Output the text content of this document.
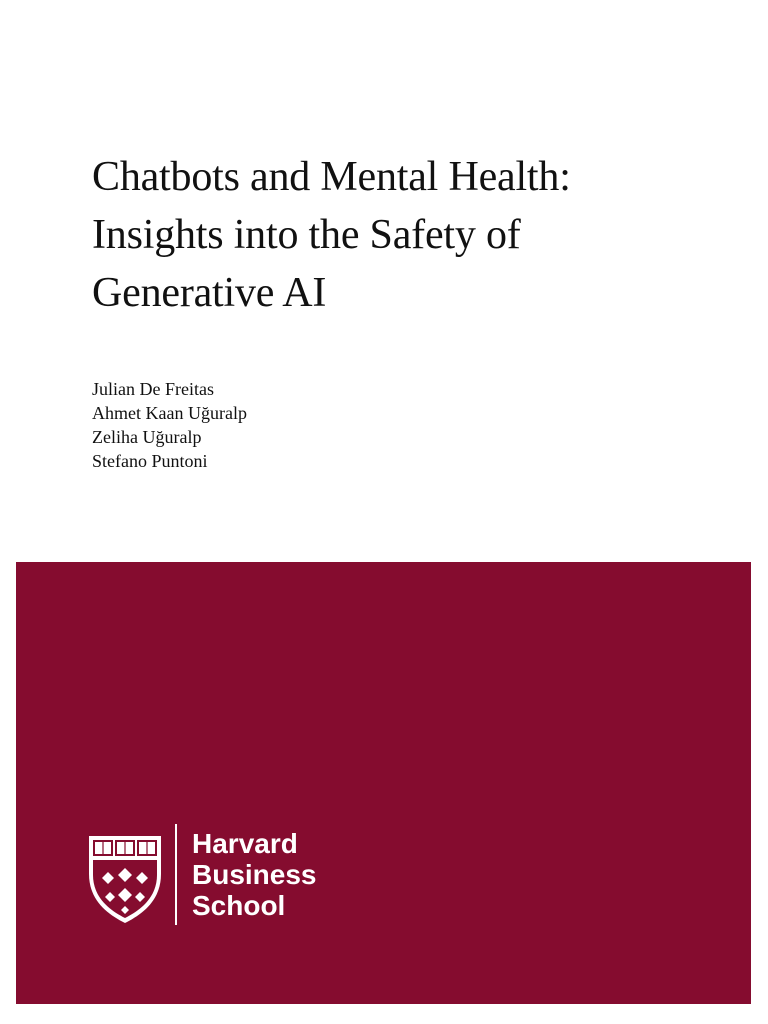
Chatbots and Mental Health:
Insights into the Safety of
Generative AI
Julian De Freitas
Ahmet Kaan Uğuralp
Zeliha Uğuralp
Stefano Puntoni
Harvard
Business
School
